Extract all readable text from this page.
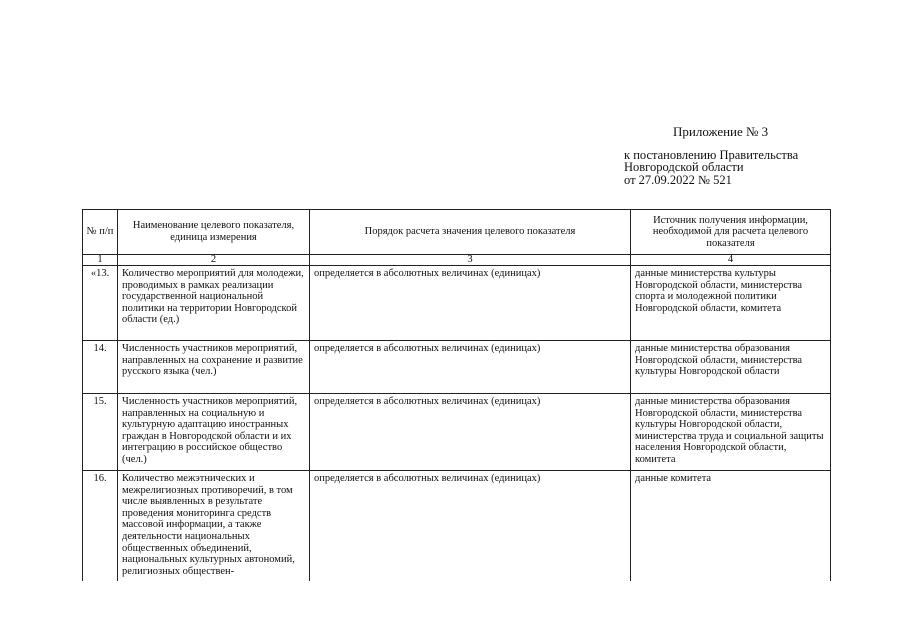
Приложение № 3
к постановлению Правительства
Новгородской области
от 27.09.2022 № 521
№ п/п	Наименование целевого показателя, единица измерения	Порядок расчета значения целевого показателя	Источник получения информации, необходимой для расчета целевого показателя
1	2	3	4
«13.	Количество мероприятий для молодежи, проводимых в рамках реализации государственной национальной политики на территории Новгородской области (ед.)	определяется в абсолютных величинах (единицах)	данные министерства культуры Новгородской области, министерства спорта и молодежной политики Новгородской области, комитета
14.	Численность участников мероприятий, направленных на сохранение и развитие русского языка (чел.)	определяется в абсолютных величинах (единицах)	данные министерства образования Новгородской области, министерства культуры Новгородской области
15.	Численность участников мероприятий, направленных на социальную и культурную адаптацию иностранных граждан в Новгородской области и их интеграцию в российское общество (чел.)	определяется в абсолютных величинах (единицах)	данные министерства образования Новгородской области, министерства культуры Новгородской области, министерства труда и социальной защиты населения Новгородской области, комитета
16.	Количество межэтнических и межрелигиозных противоречий, в том числе выявленных в результате проведения мониторинга средств массовой информации, а также деятельности национальных общественных объединений, национальных культурных автономий, религиозных обществен-	определяется в абсолютных величинах (единицах)	данные комитета
